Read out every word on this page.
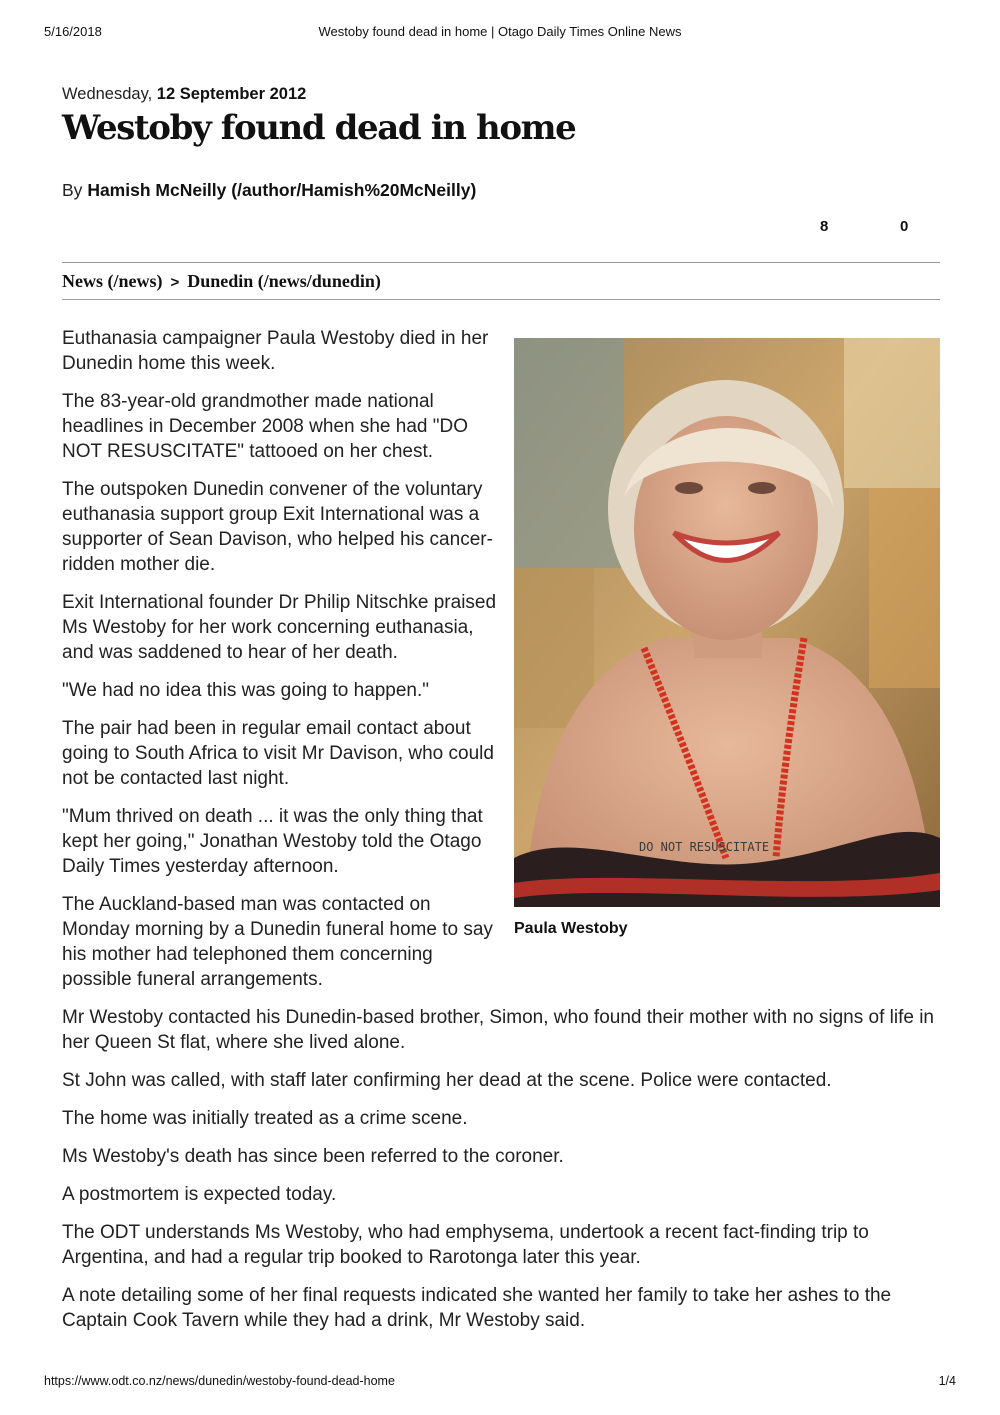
5/16/2018	Westoby found dead in home | Otago Daily Times Online News
Wednesday, 12 September 2012
Westoby found dead in home
By Hamish McNeilly (/author/Hamish%20McNeilly)
8	0
News (/news) > Dunedin (/news/dunedin)
DO NOT RESUSCITATE
Paula Westoby

Euthanasia campaigner Paula Westoby died in her Dunedin home this week.

The 83-year-old grandmother made national headlines in December 2008 when she had "DO NOT RESUSCITATE" tattooed on her chest.

The outspoken Dunedin convener of the voluntary euthanasia support group Exit International was a supporter of Sean Davison, who helped his cancer-ridden mother die.

Exit International founder Dr Philip Nitschke praised Ms Westoby for her work concerning euthanasia, and was saddened to hear of her death.

"We had no idea this was going to happen."

The pair had been in regular email contact about going to South Africa to visit Mr Davison, who could not be contacted last night.

"Mum thrived on death ... it was the only thing that kept her going," Jonathan Westoby told the Otago Daily Times yesterday afternoon.

The Auckland-based man was contacted on Monday morning by a Dunedin funeral home to say his mother had telephoned them concerning possible funeral arrangements.

Mr Westoby contacted his Dunedin-based brother, Simon, who found their mother with no signs of life in her Queen St flat, where she lived alone.

St John was called, with staff later confirming her dead at the scene. Police were contacted.

The home was initially treated as a crime scene.

Ms Westoby's death has since been referred to the coroner.

A postmortem is expected today.

The ODT understands Ms Westoby, who had emphysema, undertook a recent fact-finding trip to Argentina, and had a regular trip booked to Rarotonga later this year.

A note detailing some of her final requests indicated she wanted her family to take her ashes to the Captain Cook Tavern while they had a drink, Mr Westoby said.

https://www.odt.co.nz/news/dunedin/westoby-found-dead-home	1/4
